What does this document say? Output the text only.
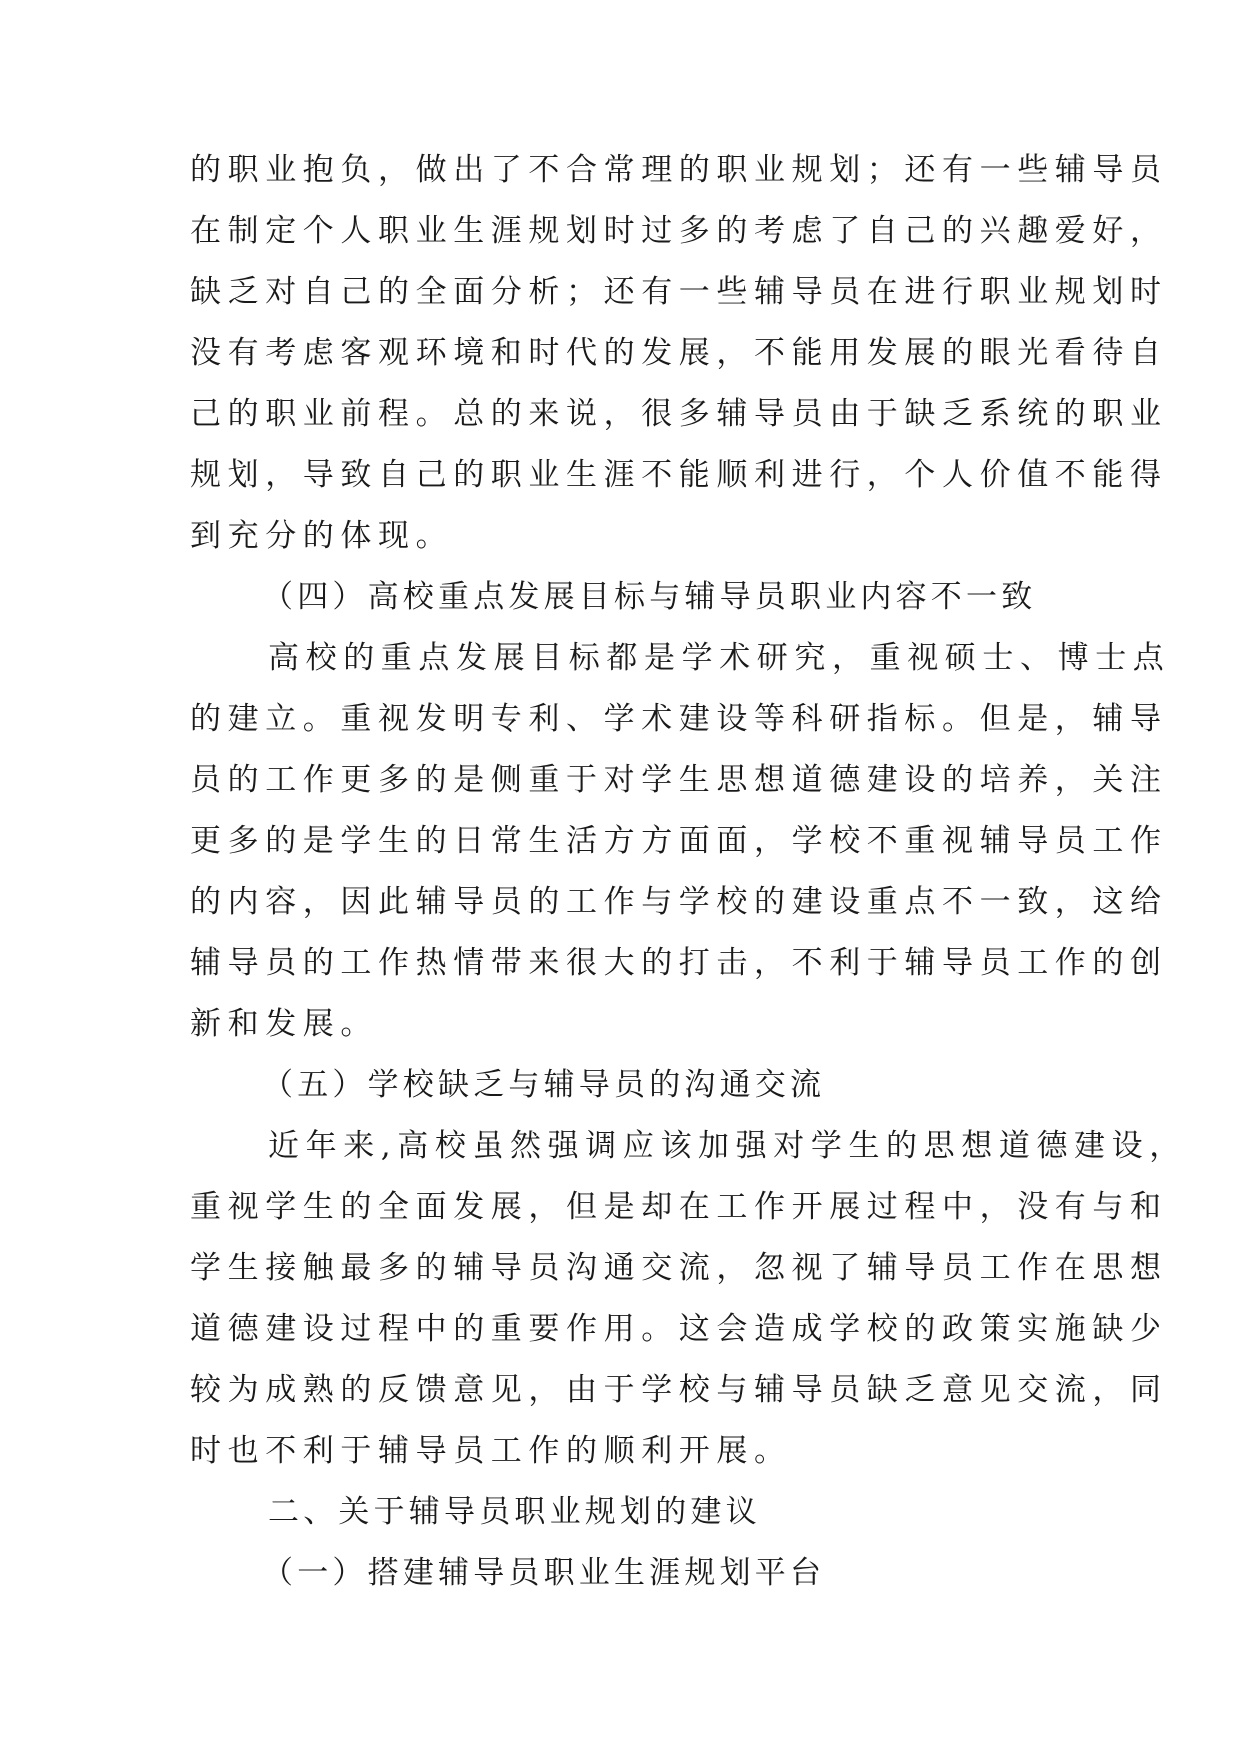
的职业抱负，做出了不合常理的职业规划；还有一些辅导员
在制定个人职业生涯规划时过多的考虑了自己的兴趣爱好，
缺乏对自己的全面分析；还有一些辅导员在进行职业规划时
没有考虑客观环境和时代的发展，不能用发展的眼光看待自
己的职业前程。总的来说，很多辅导员由于缺乏系统的职业
规划，导致自己的职业生涯不能顺利进行，个人价值不能得
到充分的体现。
（四）高校重点发展目标与辅导员职业内容不一致
高校的重点发展目标都是学术研究，重视硕士、博士点
的建立。重视发明专利、学术建设等科研指标。但是，辅导
员的工作更多的是侧重于对学生思想道德建设的培养，关注
更多的是学生的日常生活方方面面，学校不重视辅导员工作
的内容，因此辅导员的工作与学校的建设重点不一致，这给
辅导员的工作热情带来很大的打击，不利于辅导员工作的创
新和发展。
（五）学校缺乏与辅导员的沟通交流
近年来,高校虽然强调应该加强对学生的思想道德建设，
重视学生的全面发展，但是却在工作开展过程中，没有与和
学生接触最多的辅导员沟通交流，忽视了辅导员工作在思想
道德建设过程中的重要作用。这会造成学校的政策实施缺少
较为成熟的反馈意见，由于学校与辅导员缺乏意见交流，同
时也不利于辅导员工作的顺利开展。
二、关于辅导员职业规划的建议
（一）搭建辅导员职业生涯规划平台
